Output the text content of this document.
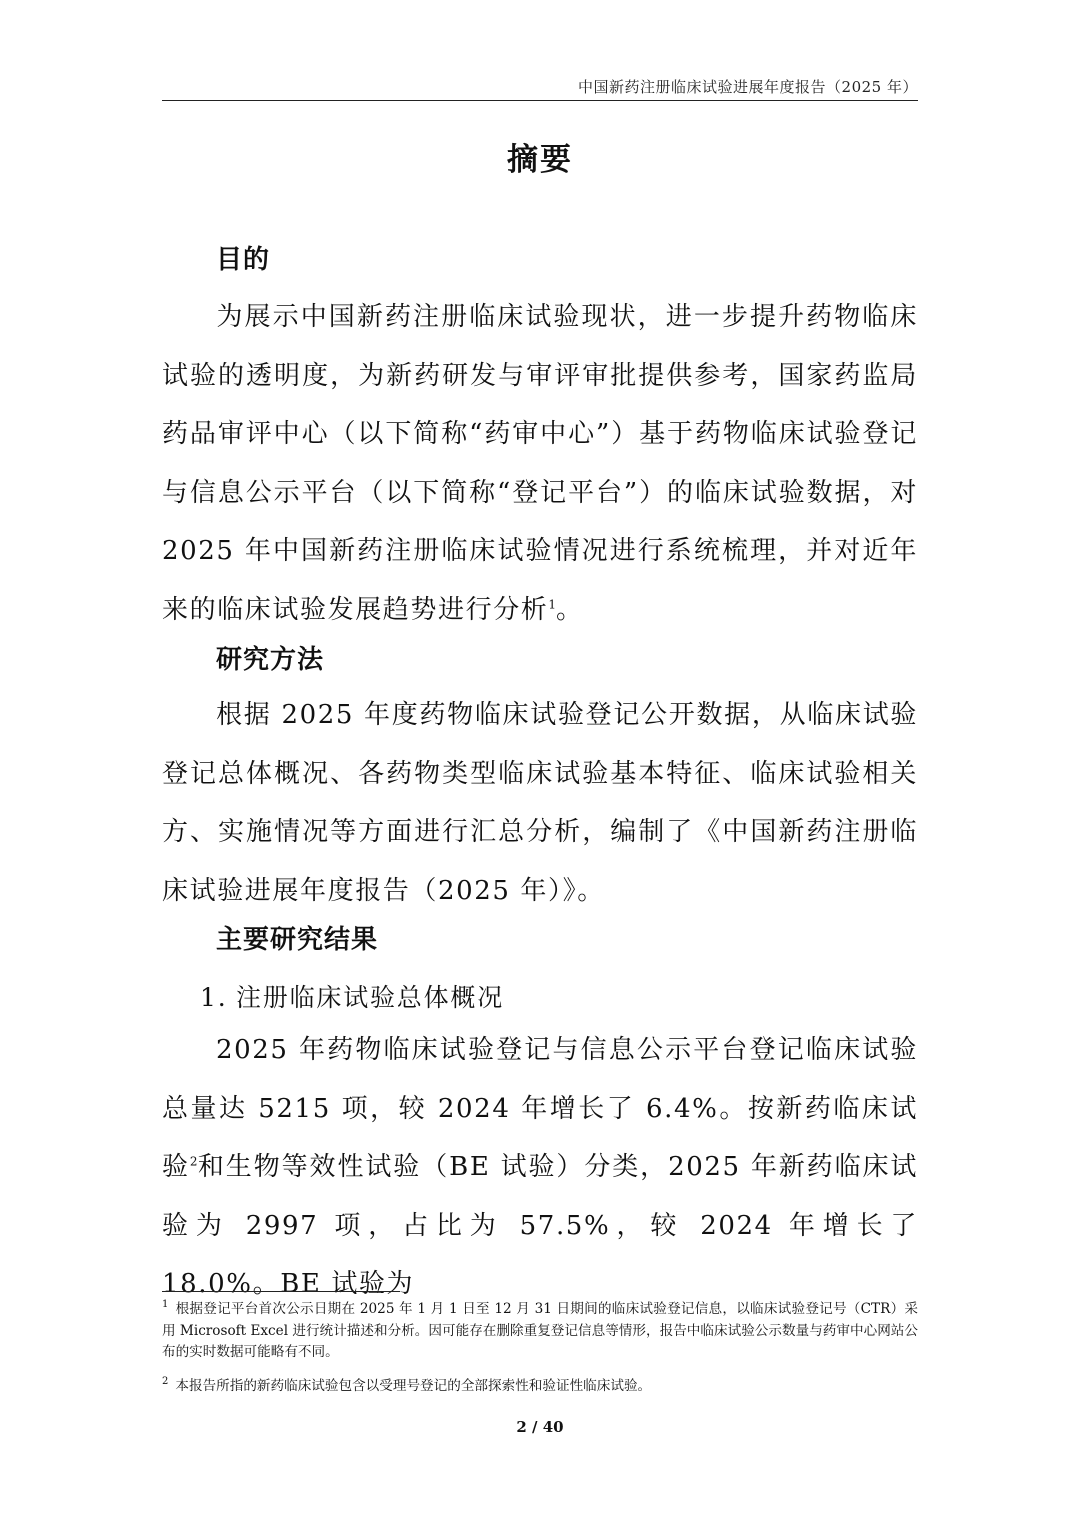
中国新药注册临床试验进展年度报告（2025 年）
摘要
目的

为展示中国新药注册临床试验现状，进一步提升药物临床试验的透明度，为新药研发与审评审批提供参考，国家药监局药品审评中心（以下简称“药审中心”）基于药物临床试验登记与信息公示平台（以下简称“登记平台”）的临床试验数据，对 2025 年中国新药注册临床试验情况进行系统梳理，并对近年来的临床试验发展趋势进行分析$^1$。

研究方法

根据 2025 年度药物临床试验登记公开数据，从临床试验登记总体概况、各药物类型临床试验基本特征、临床试验相关方、实施情况等方面进行汇总分析，编制了《中国新药注册临床试验进展年度报告（2025 年）》。

主要研究结果
1. 注册临床试验总体概况

2025 年药物临床试验登记与信息公示平台登记临床试验总量达 5215 项，较 2024 年增长了 6.4%。按新药临床试验$^2$和生物等效性试验（BE 试验）分类，2025 年新药临床试验为 2997 项，占比为 57.5%，较 2024 年增长了 18.0%。BE 试验为

$^1$ 根据登记平台首次公示日期在 2025 年 1 月 1 日至 12 月 31 日期间的临床试验登记信息，以临床试验登记号（CTR）采用 Microsoft Excel 进行统计描述和分析。因可能存在删除重复登记信息等情形，报告中临床试验公示数量与药审中心网站公布的实时数据可能略有不同。

$^2$ 本报告所指的新药临床试验包含以受理号登记的全部探索性和验证性临床试验。

2 / 40
